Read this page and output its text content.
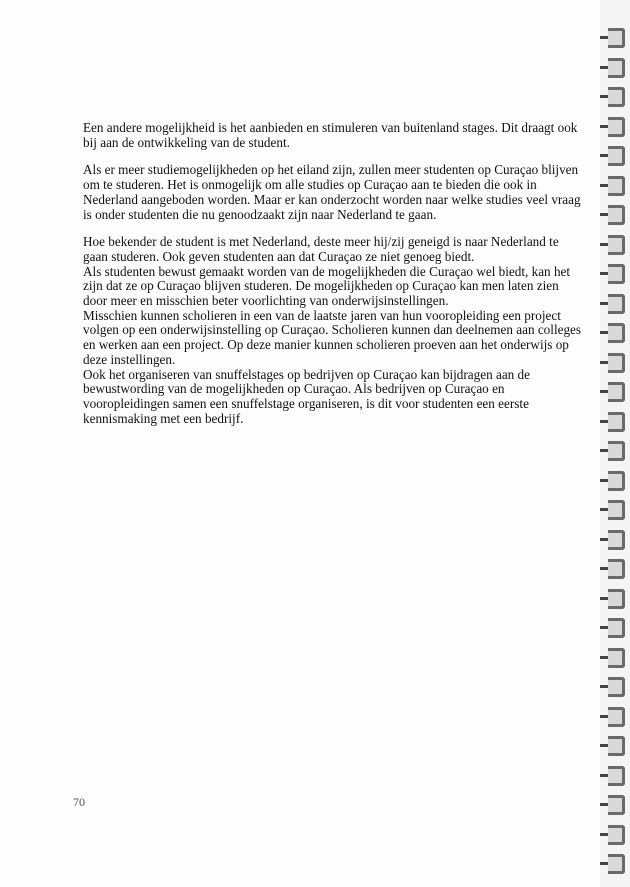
Een andere mogelijkheid is het aanbieden en stimuleren van buitenland stages. Dit draagt ook
bij aan de ontwikkeling van de student.
Als er meer studiemogelijkheden op het eiland zijn, zullen meer studenten op Curaçao blijven
om te studeren. Het is onmogelijk om alle studies op Curaçao aan te bieden die ook in
Nederland aangeboden worden. Maar er kan onderzocht worden naar welke studies veel vraag
is onder studenten die nu genoodzaakt zijn naar Nederland te gaan.
Hoe bekender de student is met Nederland, deste meer hij/zij geneigd is naar Nederland te
gaan studeren. Ook geven studenten aan dat Curaçao ze niet genoeg biedt.
Als studenten bewust gemaakt worden van de mogelijkheden die Curaçao wel biedt, kan het
zijn dat ze op Curaçao blijven studeren. De mogelijkheden op Curaçao kan men laten zien
door meer en misschien beter voorlichting van onderwijsinstellingen.
Misschien kunnen scholieren in een van de laatste jaren van hun vooropleiding een project
volgen op een onderwijsinstelling op Curaçao. Scholieren kunnen dan deelnemen aan colleges
en werken aan een project. Op deze manier kunnen scholieren proeven aan het onderwijs op
deze instellingen.
Ook het organiseren van snuffelstages op bedrijven op Curaçao kan bijdragen aan de
bewustwording van de mogelijkheden op Curaçao. Als bedrijven op Curaçao en
vooropleidingen samen een snuffelstage organiseren, is dit voor studenten een eerste
kennismaking met een bedrijf.
70
